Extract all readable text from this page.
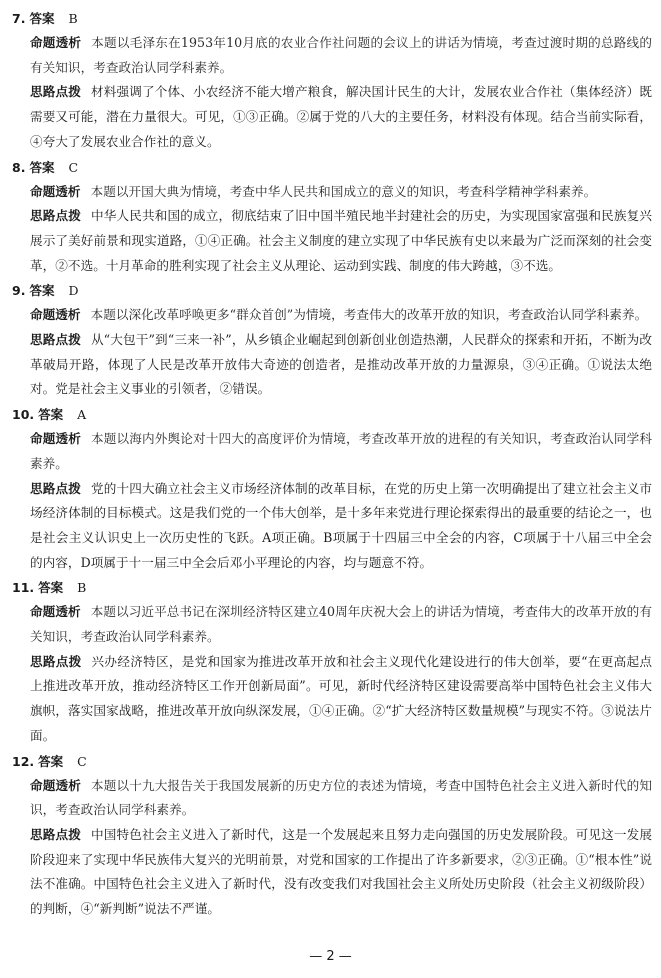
7. 答案 B

命题透析 本题以毛泽东在1953年10月底的农业合作社问题的会议上的讲话为情境，考查过渡时期的总路线的有关知识，考查政治认同学科素养。

思路点拨 材料强调了个体、小农经济不能大增产粮食，解决国计民生的大计，发展农业合作社（集体经济）既需要又可能，潜在力量很大。可见，①③正确。②属于党的八大的主要任务，材料没有体现。结合当前实际看，④夸大了发展农业合作社的意义。

8. 答案 C

命题透析 本题以开国大典为情境，考查中华人民共和国成立的意义的知识，考查科学精神学科素养。

思路点拨 中华人民共和国的成立，彻底结束了旧中国半殖民地半封建社会的历史，为实现国家富强和民族复兴展示了美好前景和现实道路，①④正确。社会主义制度的建立实现了中华民族有史以来最为广泛而深刻的社会变革，②不选。十月革命的胜利实现了社会主义从理论、运动到实践、制度的伟大跨越，③不选。

9. 答案 D

命题透析 本题以深化改革呼唤更多“群众首创”为情境，考查伟大的改革开放的知识，考查政治认同学科素养。

思路点拨 从“大包干”到“三来一补”，从乡镇企业崛起到创新创业创造热潮，人民群众的探索和开拓，不断为改革破局开路，体现了人民是改革开放伟大奇迹的创造者，是推动改革开放的力量源泉，③④正确。①说法太绝对。党是社会主义事业的引领者，②错误。

10. 答案 A

命题透析 本题以海内外舆论对十四大的高度评价为情境，考查改革开放的进程的有关知识，考查政治认同学科素养。

思路点拨 党的十四大确立社会主义市场经济体制的改革目标，在党的历史上第一次明确提出了建立社会主义市场经济体制的目标模式。这是我们党的一个伟大创举，是十多年来党进行理论探索得出的最重要的结论之一，也是社会主义认识史上一次历史性的飞跃。A项正确。B项属于十四届三中全会的内容，C项属于十八届三中全会的内容，D项属于十一届三中全会后邓小平理论的内容，均与题意不符。

11. 答案 B

命题透析 本题以习近平总书记在深圳经济特区建立40周年庆祝大会上的讲话为情境，考查伟大的改革开放的有关知识，考查政治认同学科素养。

思路点拨 兴办经济特区，是党和国家为推进改革开放和社会主义现代化建设进行的伟大创举，要“在更高起点上推进改革开放，推动经济特区工作开创新局面”。可见，新时代经济特区建设需要高举中国特色社会主义伟大旗帜，落实国家战略，推进改革开放向纵深发展，①④正确。②“扩大经济特区数量规模”与现实不符。③说法片面。

12. 答案 C

命题透析 本题以十九大报告关于我国发展新的历史方位的表述为情境，考查中国特色社会主义进入新时代的知识，考查政治认同学科素养。

思路点拨 中国特色社会主义进入了新时代，这是一个发展起来且努力走向强国的历史发展阶段。可见这一发展阶段迎来了实现中华民族伟大复兴的光明前景，对党和国家的工作提出了许多新要求，②③正确。①“根本性”说法不准确。中国特色社会主义进入了新时代，没有改变我们对我国社会主义所处历史阶段（社会主义初级阶段）的判断，④“新判断”说法不严谨。

— 2 —
